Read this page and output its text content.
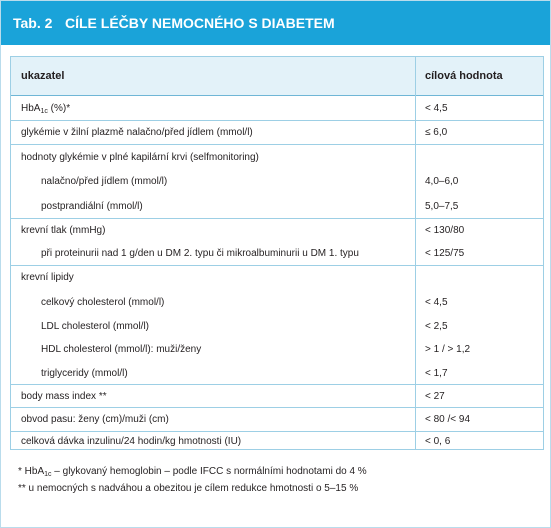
Tab. 2 CÍLE LÉČBY NEMOCNÉHO S DIABETEM
ukazatel	cílová hodnota
HbA$_{1c}$ (%)*	< 4,5
glykémie v žilní plazmě nalačno/před jídlem (mmol/l)	≤ 6,0
hodnoty glykémie v plné kapilární krvi (selfmonitoring)
nalačno/před jídlem (mmol/l)	4,0–6,0
postprandiální (mmol/l)	5,0–7,5
krevní tlak (mmHg)	< 130/80
při proteinurii nad 1 g/den u DM 2. typu či mikroalbuminurii u DM 1. typu	< 125/75
krevní lipidy
celkový cholesterol (mmol/l)	< 4,5
LDL cholesterol (mmol/l)	< 2,5
HDL cholesterol (mmol/l): muži/ženy	> 1 / > 1,2
triglyceridy (mmol/l)	< 1,7
body mass index **	< 27
obvod pasu: ženy (cm)/muži (cm)	< 80 /< 94
celková dávka inzulinu/24 hodin/kg hmotnosti (IU)	< 0, 6
* HbA$_{1c}$ – glykovaný hemoglobin – podle IFCC s normálními hodnotami do 4 %
** u nemocných s nadváhou a obezitou je cílem redukce hmotnosti o 5–15 %
